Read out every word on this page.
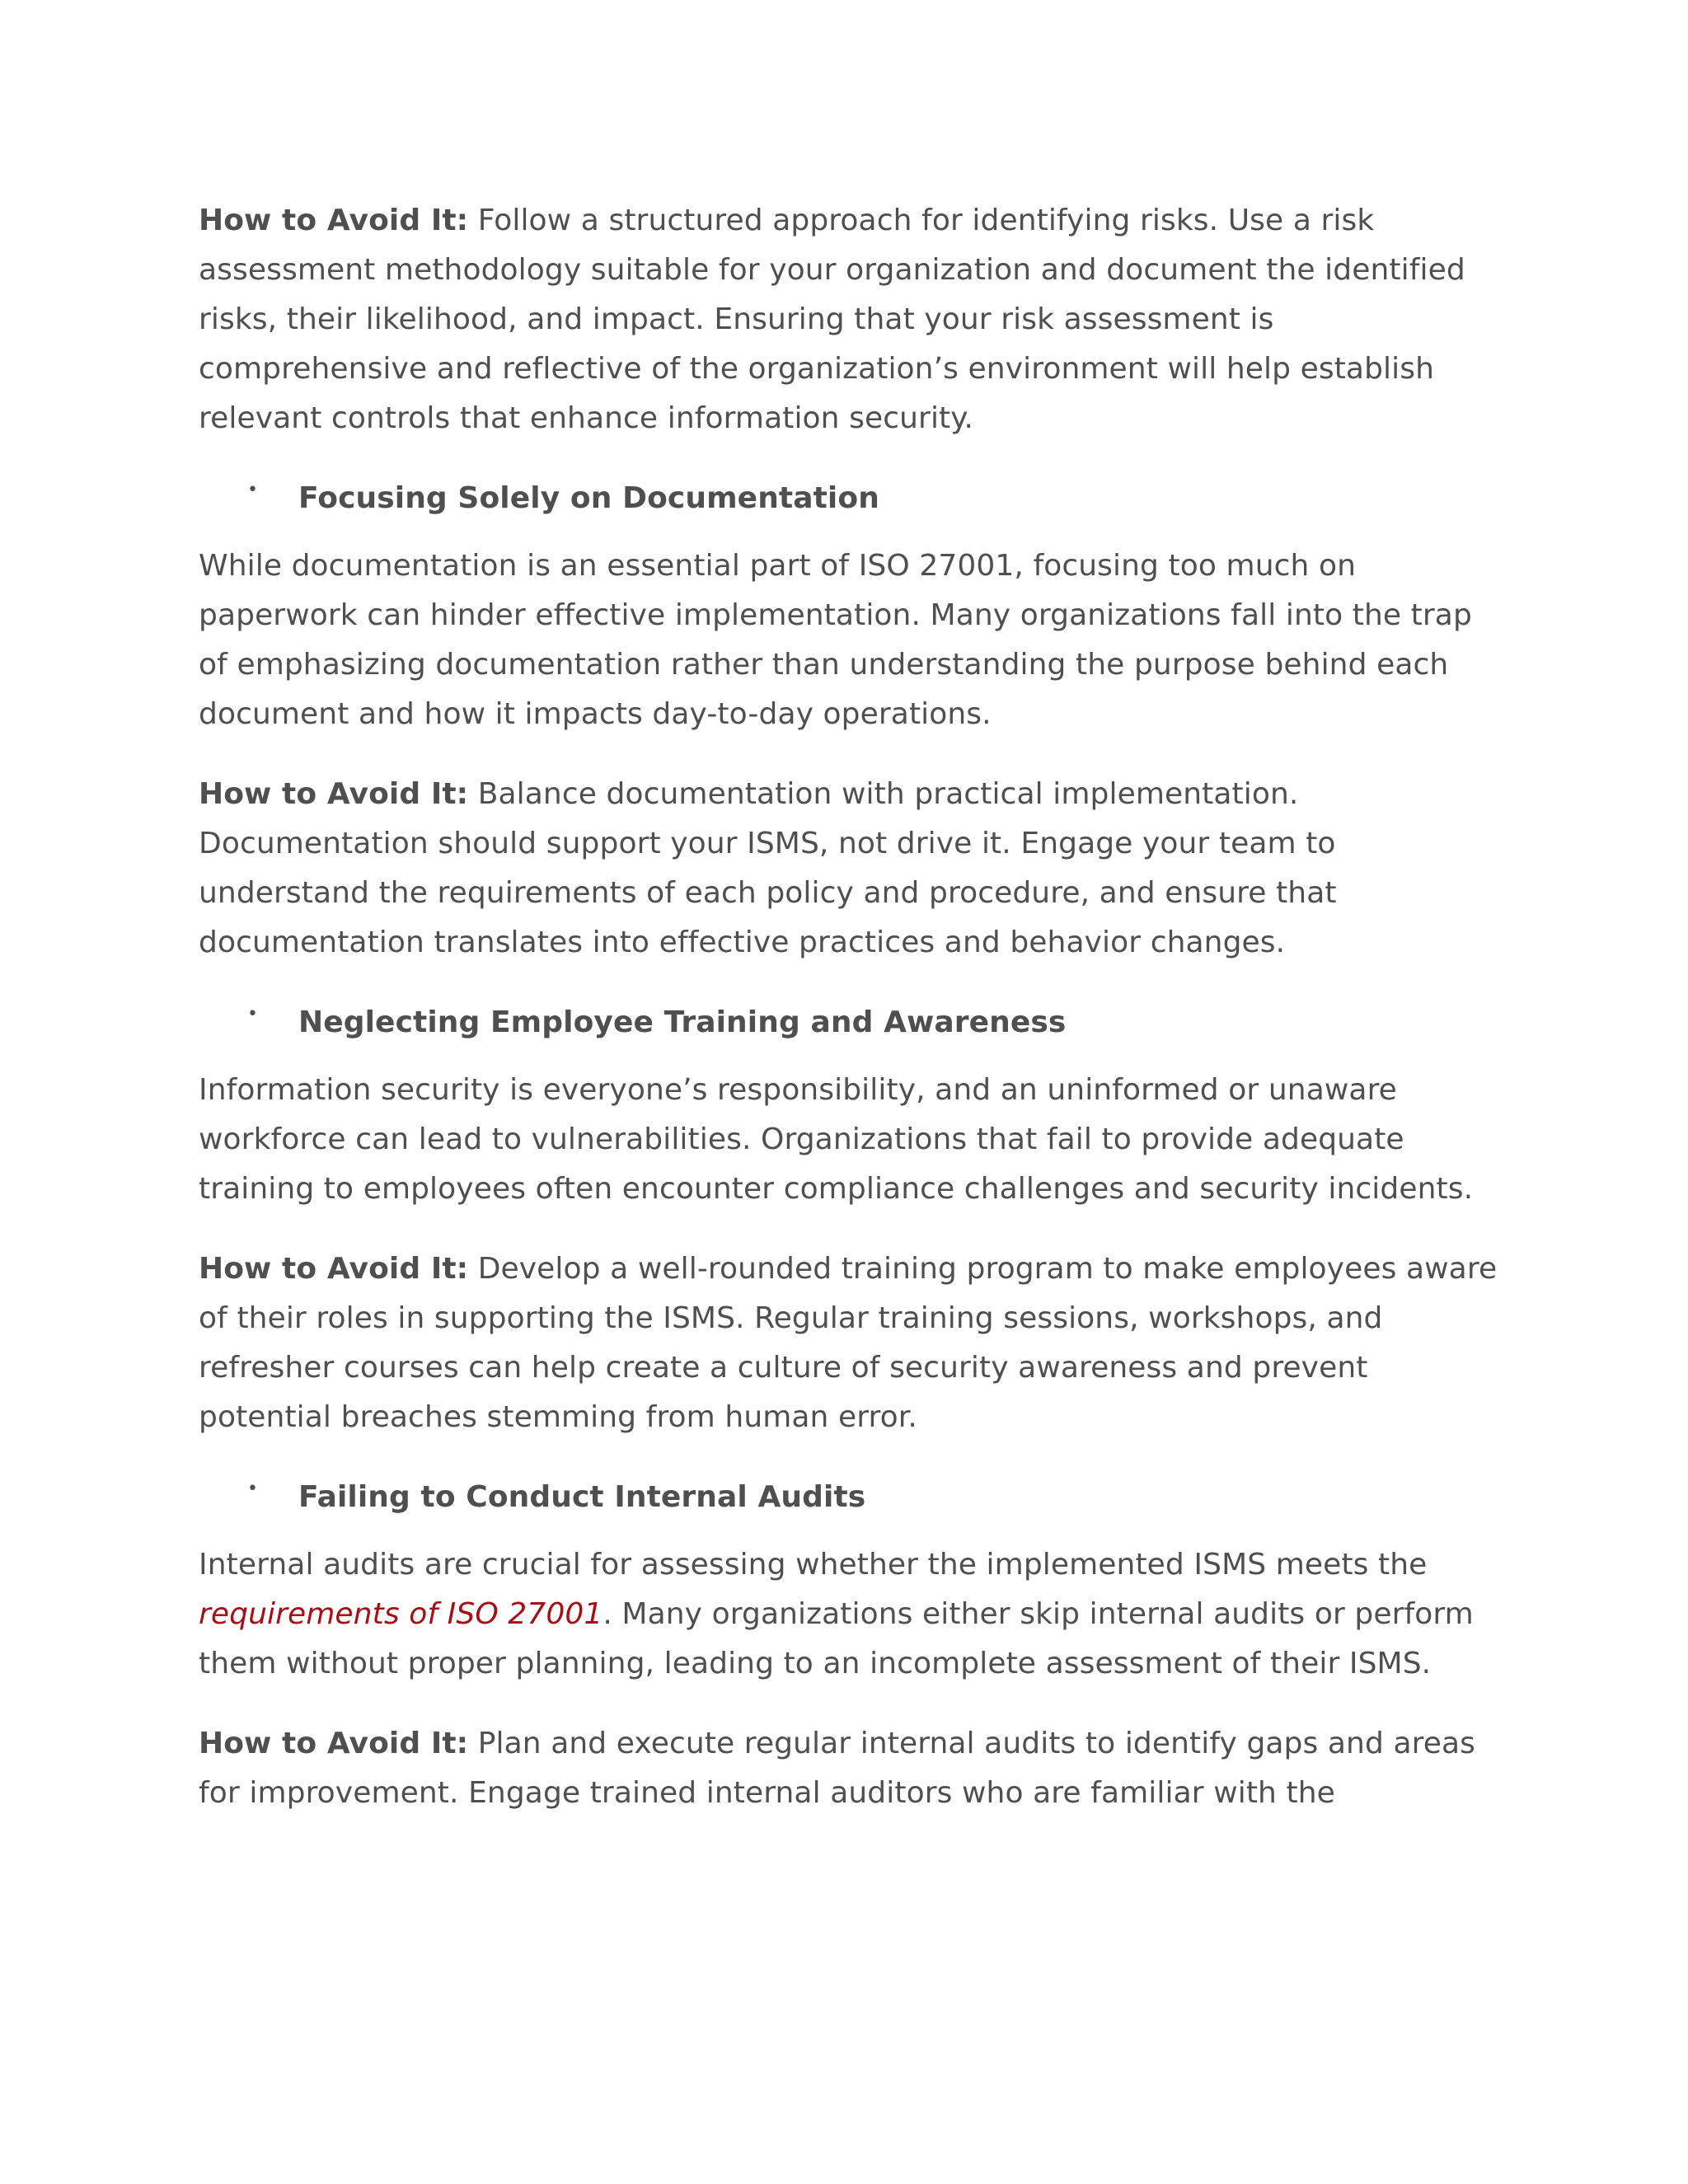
How to Avoid It: Follow a structured approach for identifying risks. Use a risk assessment methodology suitable for your organization and document the identified risks, their likelihood, and impact. Ensuring that your risk assessment is comprehensive and reflective of the organization’s environment will help establish relevant controls that enhance information security.

• Focusing Solely on Documentation

While documentation is an essential part of ISO 27001, focusing too much on paperwork can hinder effective implementation. Many organizations fall into the trap of emphasizing documentation rather than understanding the purpose behind each document and how it impacts day-to-day operations.

How to Avoid It: Balance documentation with practical implementation. Documentation should support your ISMS, not drive it. Engage your team to understand the requirements of each policy and procedure, and ensure that documentation translates into effective practices and behavior changes.

• Neglecting Employee Training and Awareness

Information security is everyone’s responsibility, and an uninformed or unaware workforce can lead to vulnerabilities. Organizations that fail to provide adequate training to employees often encounter compliance challenges and security incidents.

How to Avoid It: Develop a well-rounded training program to make employees aware of their roles in supporting the ISMS. Regular training sessions, workshops, and refresher courses can help create a culture of security awareness and prevent potential breaches stemming from human error.

• Failing to Conduct Internal Audits

Internal audits are crucial for assessing whether the implemented ISMS meets the requirements of ISO 27001. Many organizations either skip internal audits or perform them without proper planning, leading to an incomplete assessment of their ISMS.

How to Avoid It: Plan and execute regular internal audits to identify gaps and areas for improvement. Engage trained internal auditors who are familiar with the
